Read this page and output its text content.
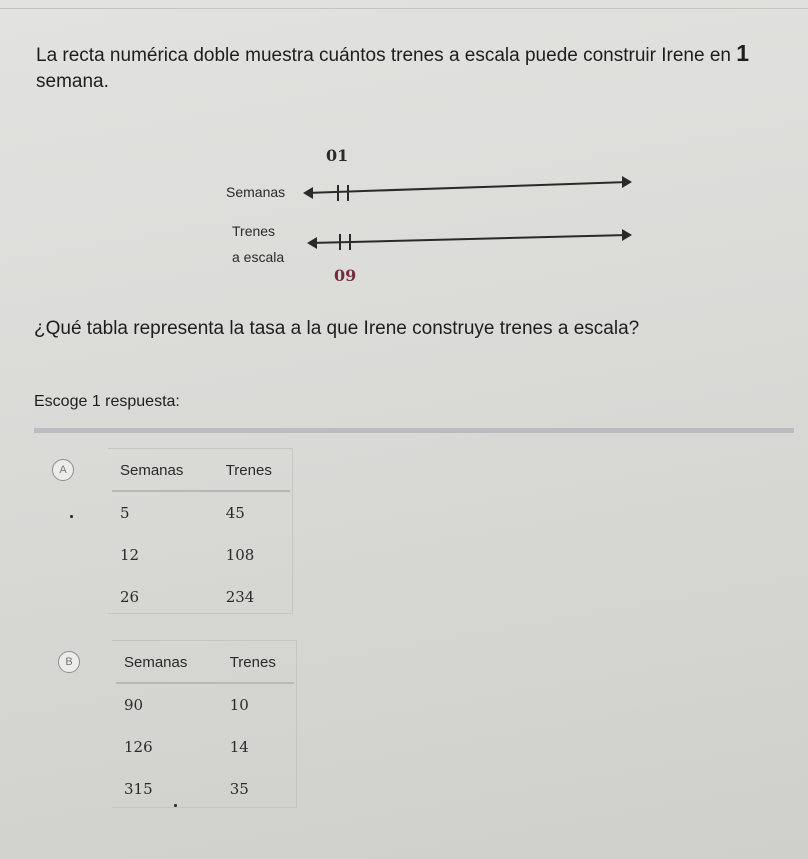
La recta numérica doble muestra cuántos trenes a escala puede construir Irene en 1 semana.
01
Semanas
Trenes
a escala
09
¿Qué tabla representa la tasa a la que Irene construye trenes a escala?
Escoge 1 respuesta:
A	Semanas	Trenes
5	45
12	108
26	234
B	Semanas	Trenes
90	10
126	14
315	35
